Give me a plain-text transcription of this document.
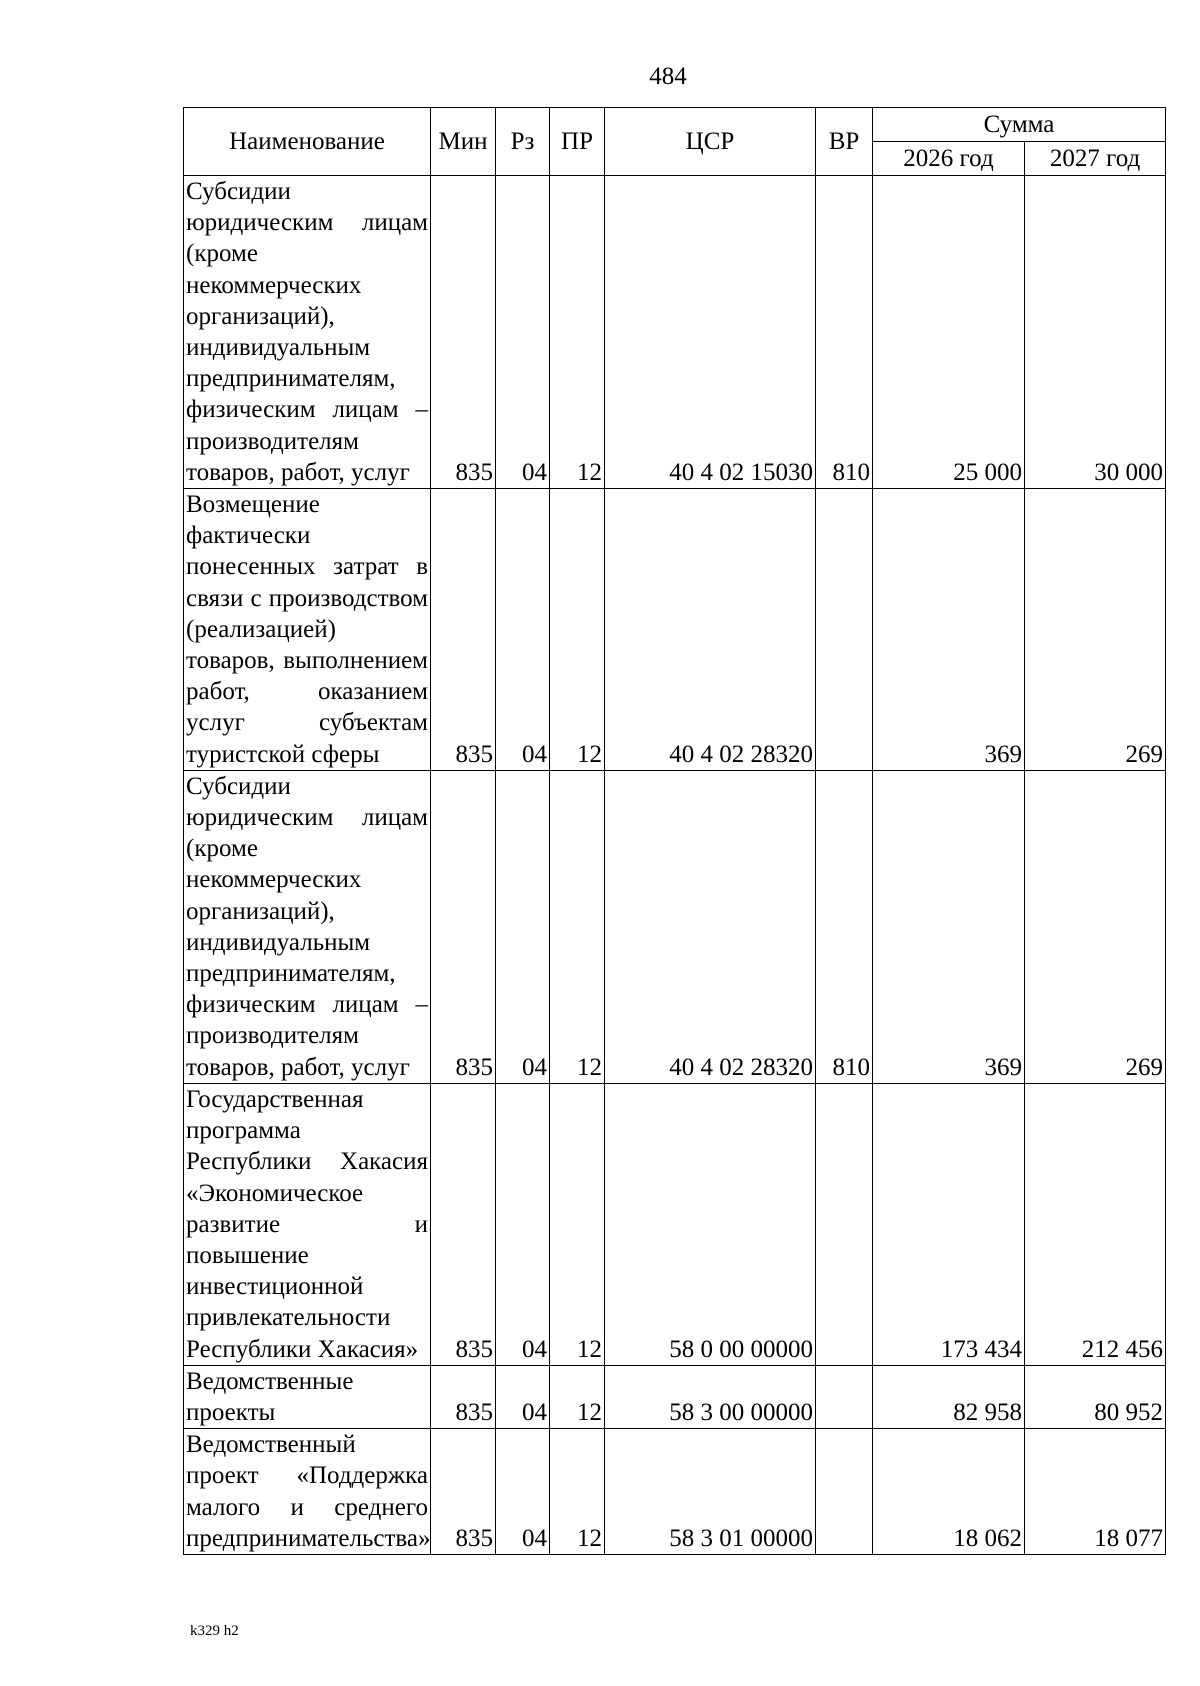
484
Наименование	Мин	Рз	ПР	ЦСР	ВР	Сумма	
						2026 год	2027 год
Субсидии юридическим лицам (кроме некоммерческих организаций), индивидуальным предпринимателям, физическим лицам – производителям товаров, работ, услуг	835	04	12	40 4 02 15030	810	25 000	30 000
Возмещение фактически понесенных затрат в связи с производством (реализацией) товаров, выполнением работ, оказанием услуг субъектам туристской сферы	835	04	12	40 4 02 28320		369	269
Субсидии юридическим лицам (кроме некоммерческих организаций), индивидуальным предпринимателям, физическим лицам – производителям товаров, работ, услуг	835	04	12	40 4 02 28320	810	369	269
Государственная программа Республики Хакасия «Экономическое развитие и повышение инвестиционной привлекательности Республики Хакасия»	835	04	12	58 0 00 00000		173 434	212 456
Ведомственные проекты	835	04	12	58 3 00 00000		82 958	80 952
Ведомственный проект «Поддержка малого и среднего предпринимательства»	835	04	12	58 3 01 00000		18 062	18 077
k329 h2
